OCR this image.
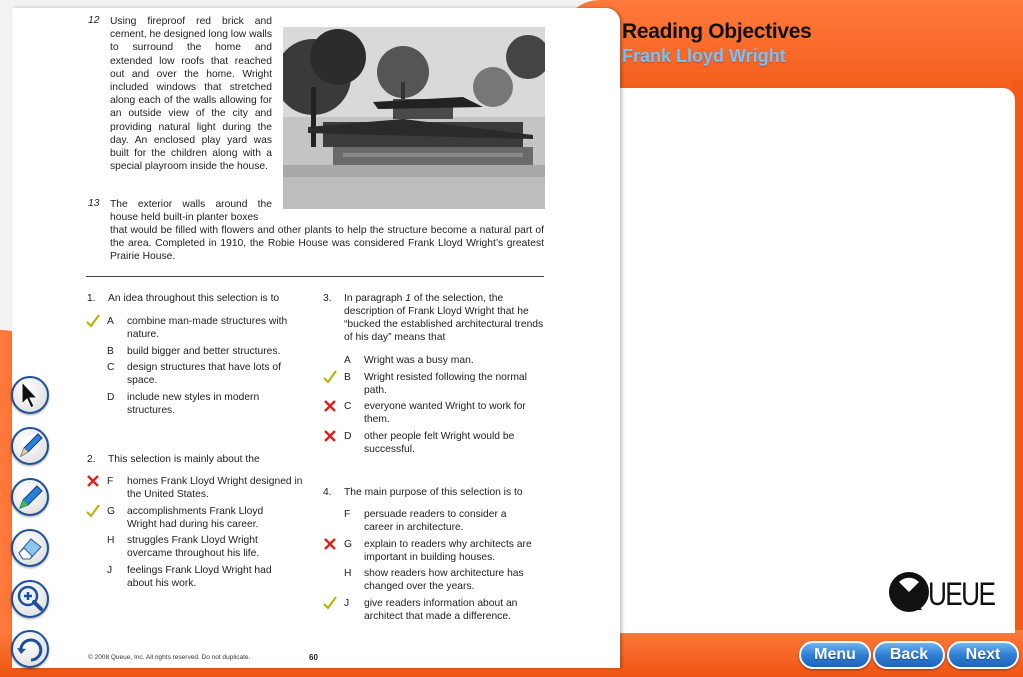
Reading Objectives
Frank Lloyd Wright
12 Using fireproof red brick and cement, he designed long low walls to surround the home and extended low roofs that reached out and over the home. Wright included windows that stretched along each of the walls allowing for an outside view of the city and providing natural light during the day. An enclosed play yard was built for the children along with a special playroom inside the house.
13 The exterior walls around the house held built-in planter boxes
that would be filled with flowers and other plants to help the structure become a natural part of the area. Completed in 1910, the Robie House was considered Frank Lloyd Wright’s greatest Prairie House.
1. An idea throughout this selection is to
A combine man-made structures with nature.
B build bigger and better structures.
C design structures that have lots of space.
D include new styles in modern structures.
2. This selection is mainly about the
F homes Frank Lloyd Wright designed in the United States.
G accomplishments Frank Lloyd Wright had during his career.
H struggles Frank Lloyd Wright overcame throughout his life.
J feelings Frank Lloyd Wright had about his work.
3. In paragraph 1 of the selection, the description of Frank Lloyd Wright that he “bucked the established architectural trends of his day” means that
A Wright was a busy man.
B Wright resisted following the normal path.
C everyone wanted Wright to work for them.
D other people felt Wright would be successful.
4. The main purpose of this selection is to
F persuade readers to consider a career in architecture.
G explain to readers why architects are important in building houses.
H show readers how architecture has changed over the years.
J give readers information about an architect that made a difference.
© 2008 Queue, Inc. All rights reserved. Do not duplicate.	60
UEUE
Menu	Back	Next
